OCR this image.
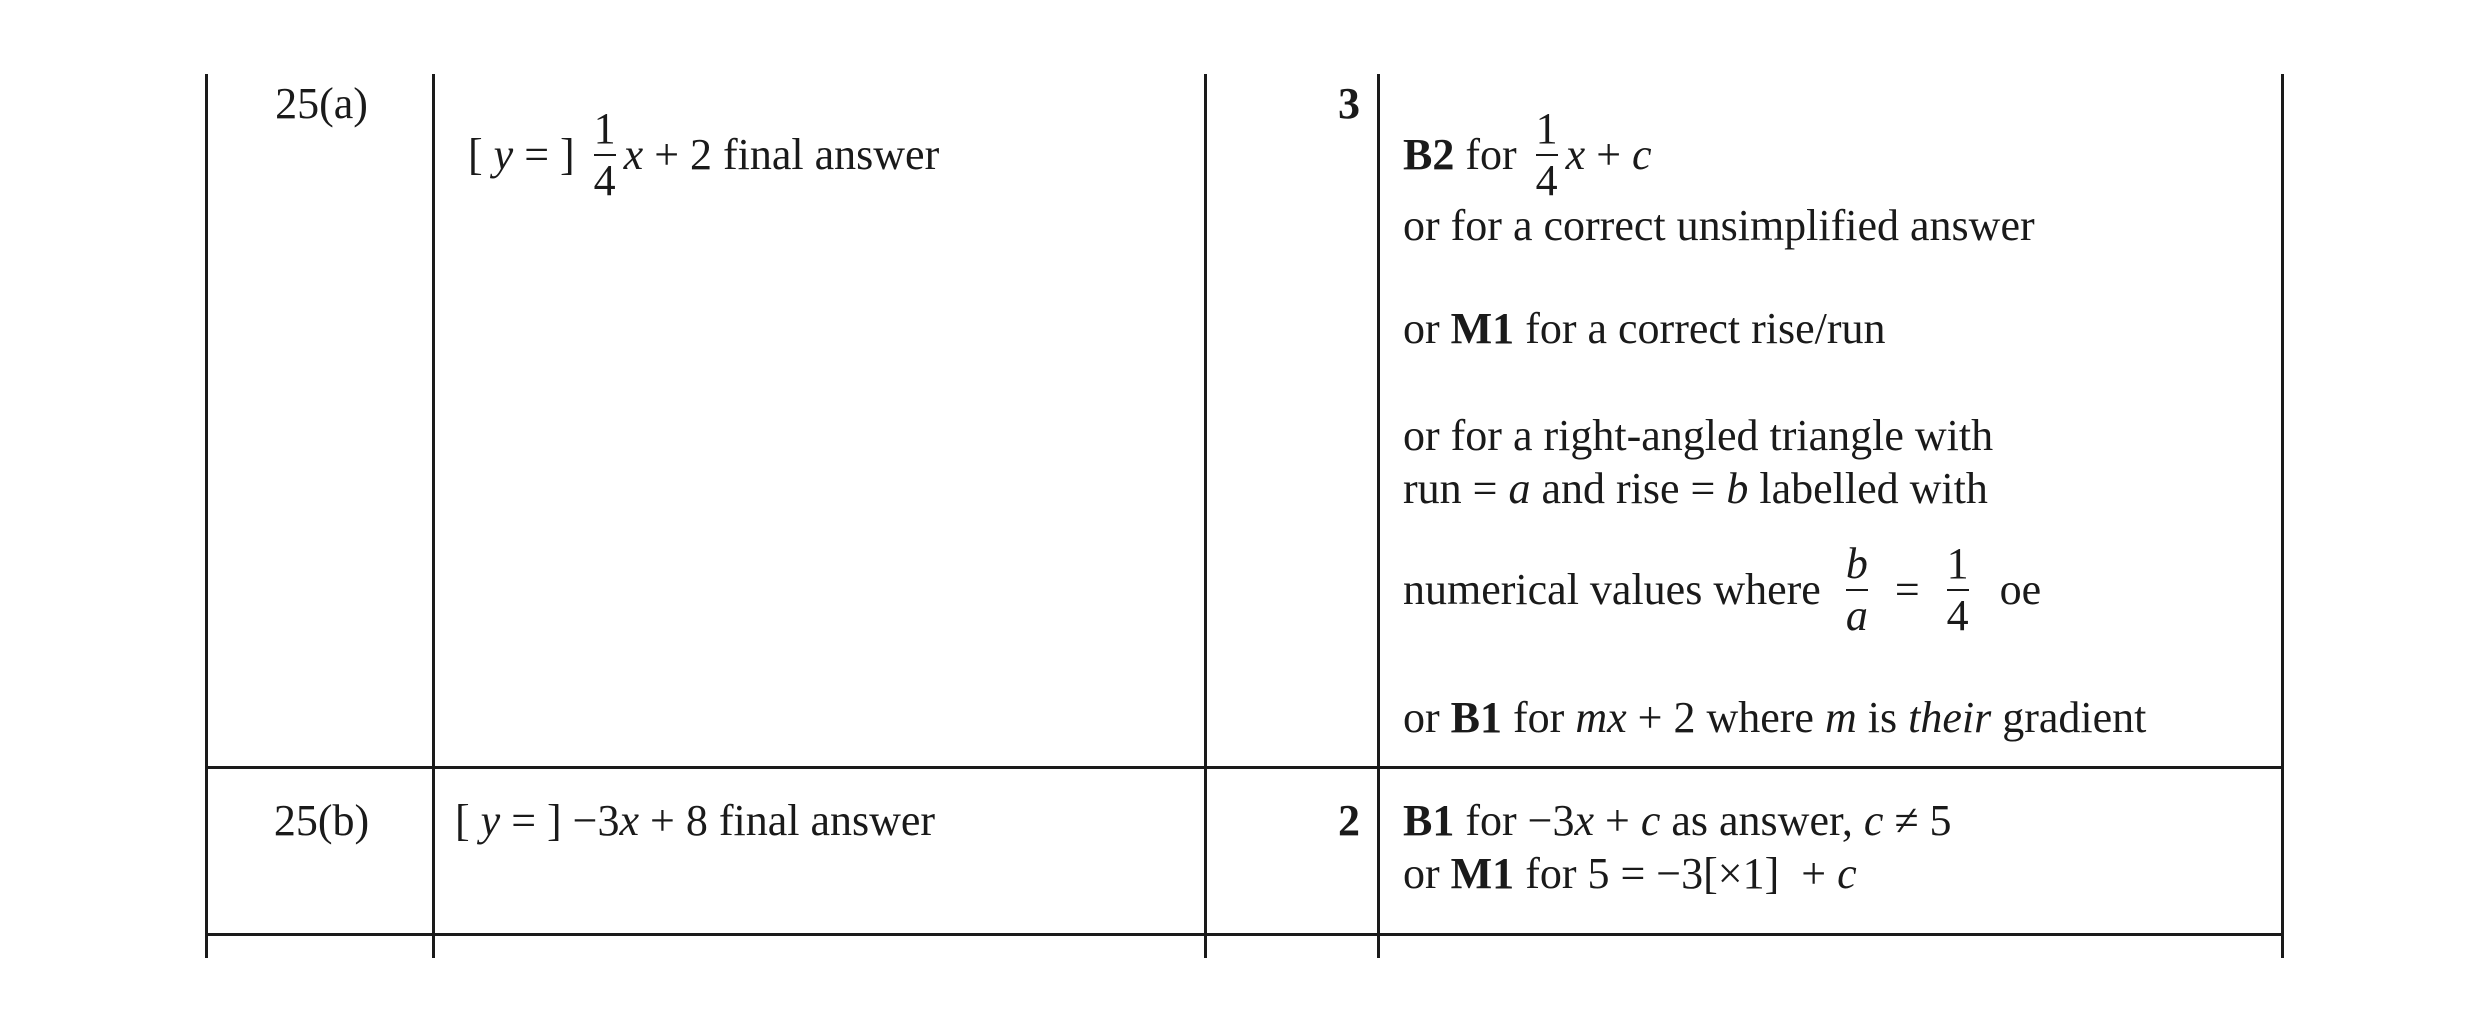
25(a)
[ y = ] $\frac{1}{4}$ x + 2 final answer
3
B2 for $\frac{1}{4}$ x + c
or for a correct unsimplified answer
or M1 for a correct rise/run
or for a right-angled triangle with
run = a and rise = b labelled with
numerical values where $\frac{b}{a} = \frac{1}{4}$ oe
or B1 for mx + 2 where m is their gradient
25(b)	[ y = ] −3x + 8 final answer	2 B1 for −3x + c as answer, c ≠ 5
or M1 for 5 = −3[×1]  + c
